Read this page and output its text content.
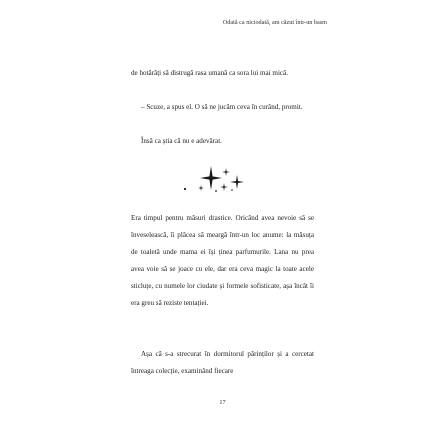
Odată ca niciodată, am căzut într-un basm

de hotărâți să distrugă rasa umană ca sora lui mai mică.

– Scuze, a spus el. O să ne jucăm ceva în curând, promit.

Însă ca știa că nu e adevărat.

Era timpul pentru măsuri drastice. Oricând avea nevoie să se înveselească, îi plăcea să meargă într-un loc anume: la măsuța de toaletă unde mama ei își ținea parfumurile. Lana nu prea avea voie să se joace cu ele, dar era ceva magic la toate acele sticluțe, cu numele lor ciudate și formele sofisticate, așa încât îi era greu să reziste tentației.

Așa că s-a strecurat în dormitorul părinților și a cercetat întreaga colecție, examinând fiecare

17
